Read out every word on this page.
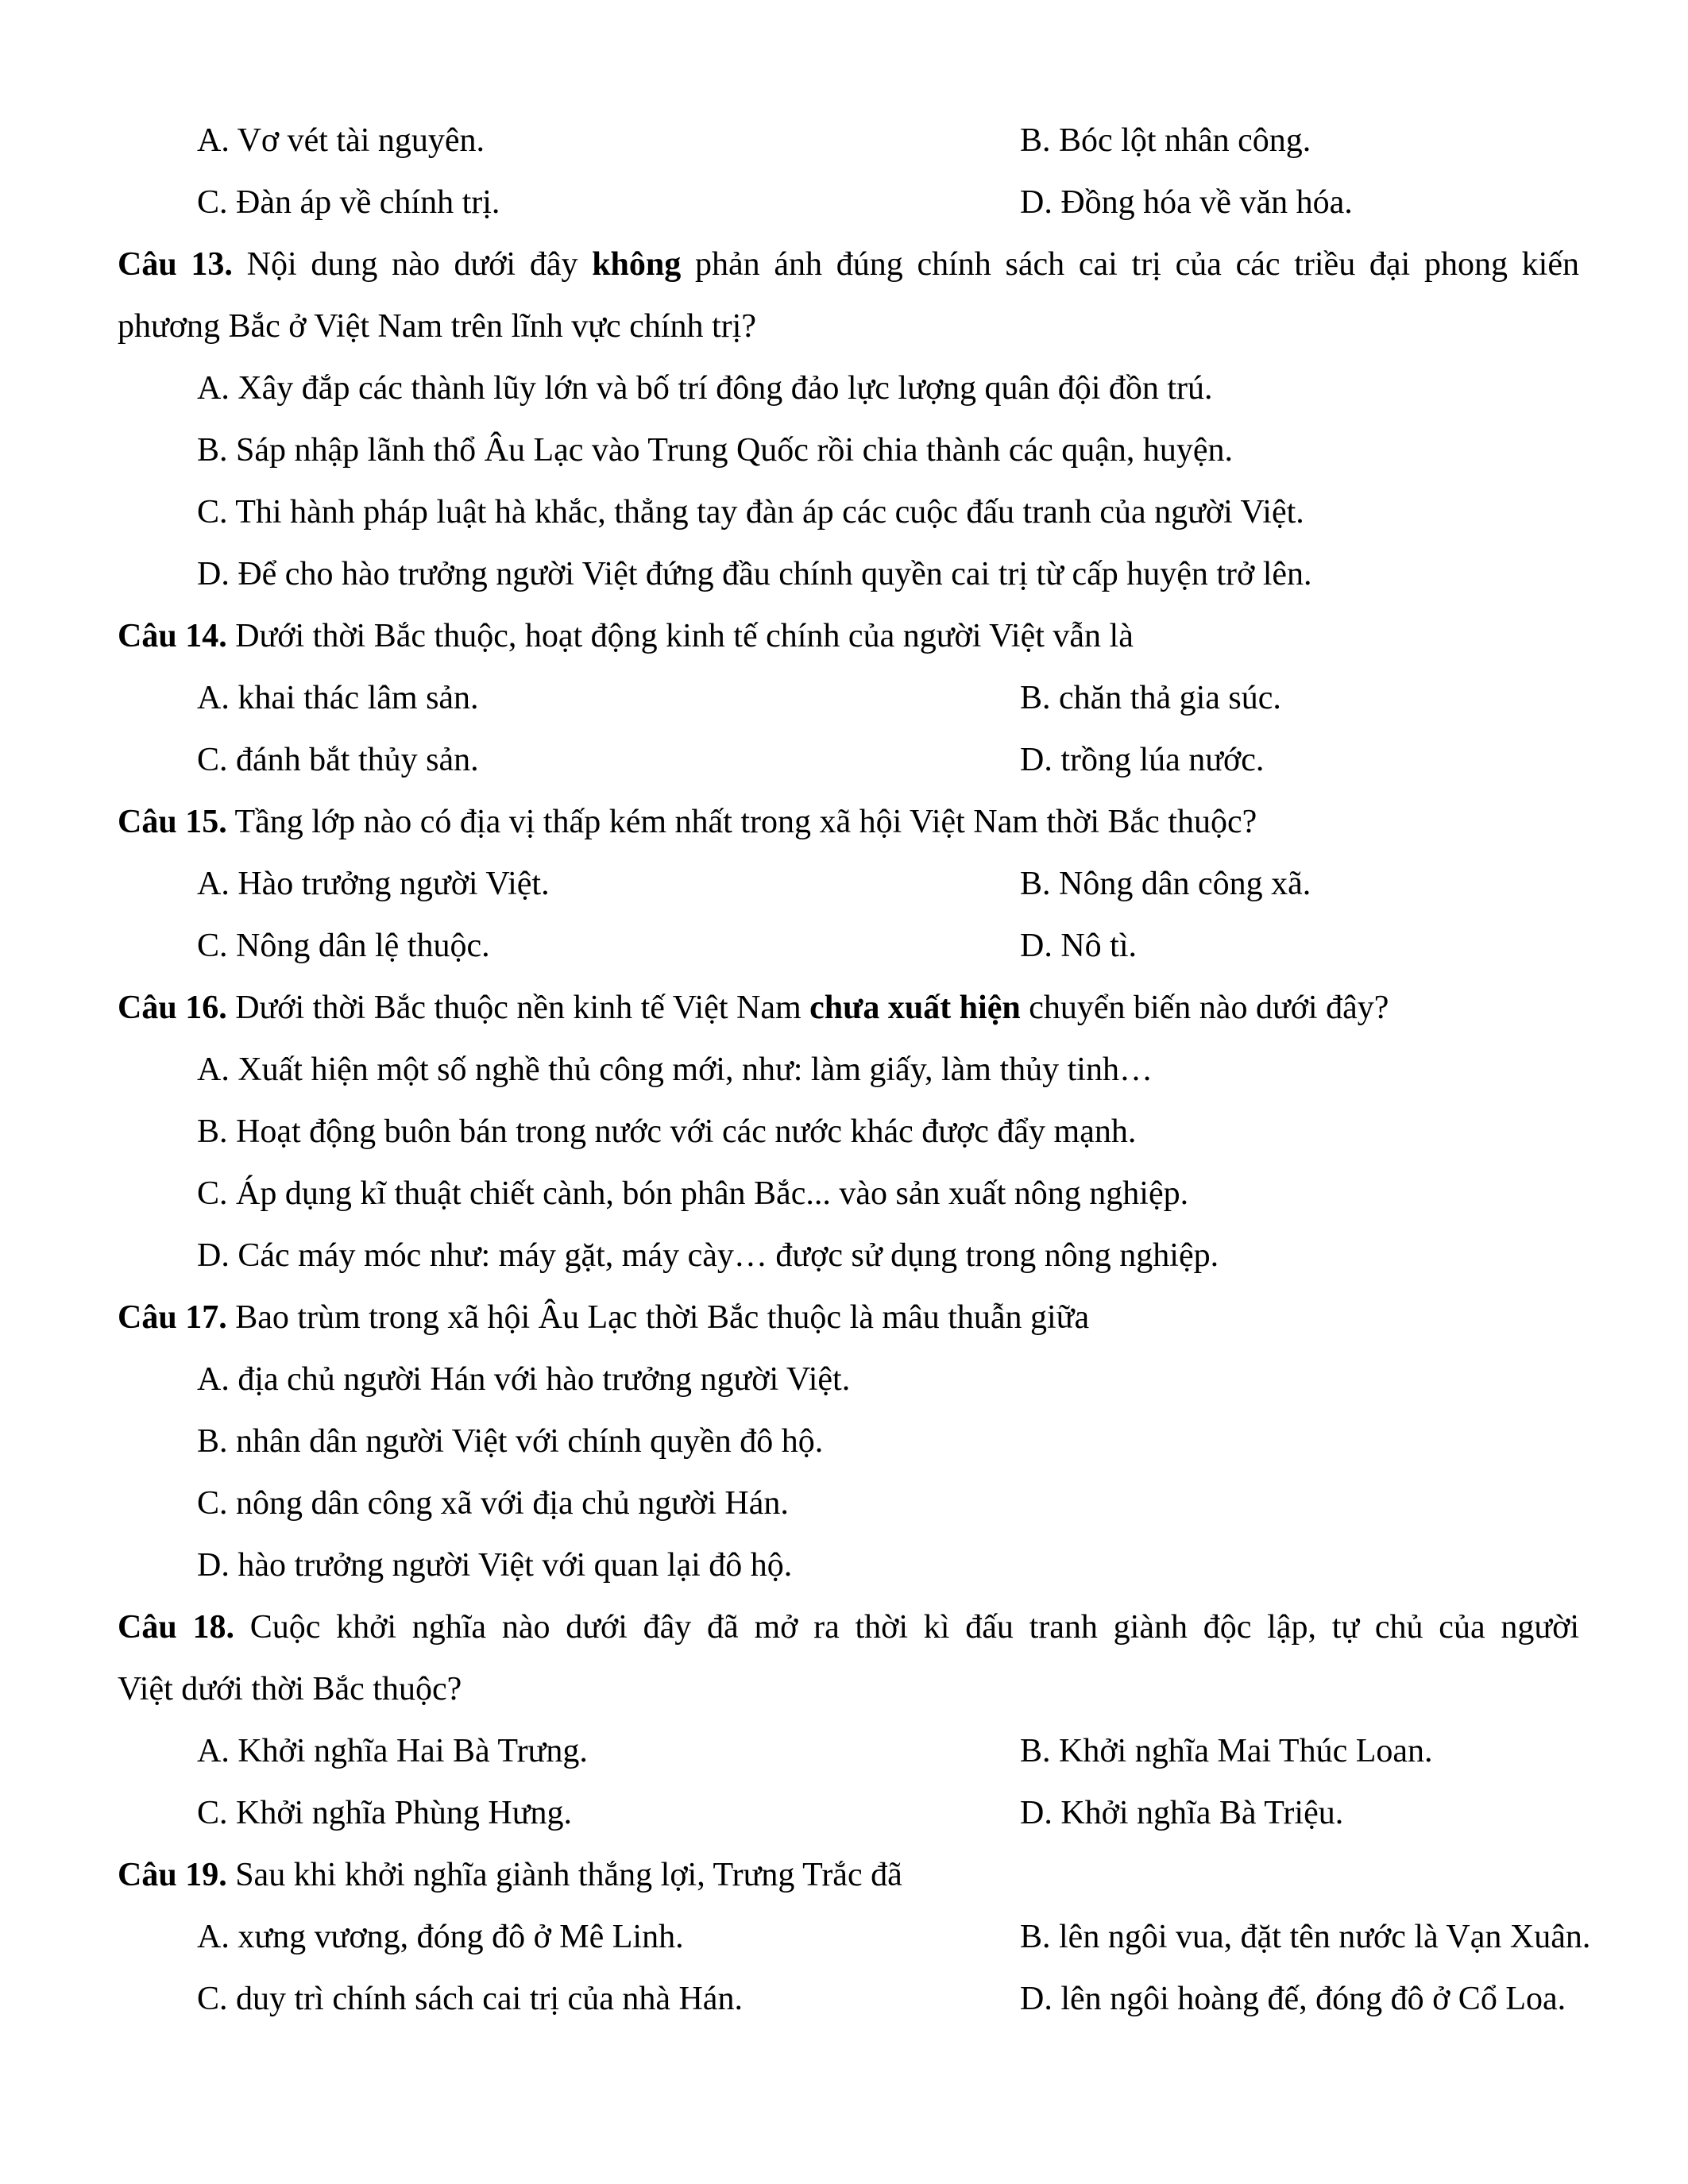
A. Vơ vét tài nguyên.	B. Bóc lột nhân công.
C. Đàn áp về chính trị.	D. Đồng hóa về văn hóa.
Câu 13. Nội dung nào dưới đây không phản ánh đúng chính sách cai trị của các triều đại phong kiến
phương Bắc ở Việt Nam trên lĩnh vực chính trị?
A. Xây đắp các thành lũy lớn và bố trí đông đảo lực lượng quân đội đồn trú.
B. Sáp nhập lãnh thổ Âu Lạc vào Trung Quốc rồi chia thành các quận, huyện.
C. Thi hành pháp luật hà khắc, thẳng tay đàn áp các cuộc đấu tranh của người Việt.
D. Để cho hào trưởng người Việt đứng đầu chính quyền cai trị từ cấp huyện trở lên.
Câu 14. Dưới thời Bắc thuộc, hoạt động kinh tế chính của người Việt vẫn là
A. khai thác lâm sản.	B. chăn thả gia súc.
C. đánh bắt thủy sản.	D. trồng lúa nước.
Câu 15. Tầng lớp nào có địa vị thấp kém nhất trong xã hội Việt Nam thời Bắc thuộc?
A. Hào trưởng người Việt.	B. Nông dân công xã.
C. Nông dân lệ thuộc.	D. Nô tì.
Câu 16. Dưới thời Bắc thuộc nền kinh tế Việt Nam chưa xuất hiện chuyển biến nào dưới đây?
A. Xuất hiện một số nghề thủ công mới, như: làm giấy, làm thủy tinh…
B. Hoạt động buôn bán trong nước với các nước khác được đẩy mạnh.
C. Áp dụng kĩ thuật chiết cành, bón phân Bắc... vào sản xuất nông nghiệp.
D. Các máy móc như: máy gặt, máy cày… được sử dụng trong nông nghiệp.
Câu 17. Bao trùm trong xã hội Âu Lạc thời Bắc thuộc là mâu thuẫn giữa
A. địa chủ người Hán với hào trưởng người Việt.
B. nhân dân người Việt với chính quyền đô hộ.
C. nông dân công xã với địa chủ người Hán.
D. hào trưởng người Việt với quan lại đô hộ.
Câu 18. Cuộc khởi nghĩa nào dưới đây đã mở ra thời kì đấu tranh giành độc lập, tự chủ của người
Việt dưới thời Bắc thuộc?
A. Khởi nghĩa Hai Bà Trưng.	B. Khởi nghĩa Mai Thúc Loan.
C. Khởi nghĩa Phùng Hưng.	D. Khởi nghĩa Bà Triệu.
Câu 19. Sau khi khởi nghĩa giành thắng lợi, Trưng Trắc đã
A. xưng vương, đóng đô ở Mê Linh.	B. lên ngôi vua, đặt tên nước là Vạn Xuân.
C. duy trì chính sách cai trị của nhà Hán.	D. lên ngôi hoàng đế, đóng đô ở Cổ Loa.
